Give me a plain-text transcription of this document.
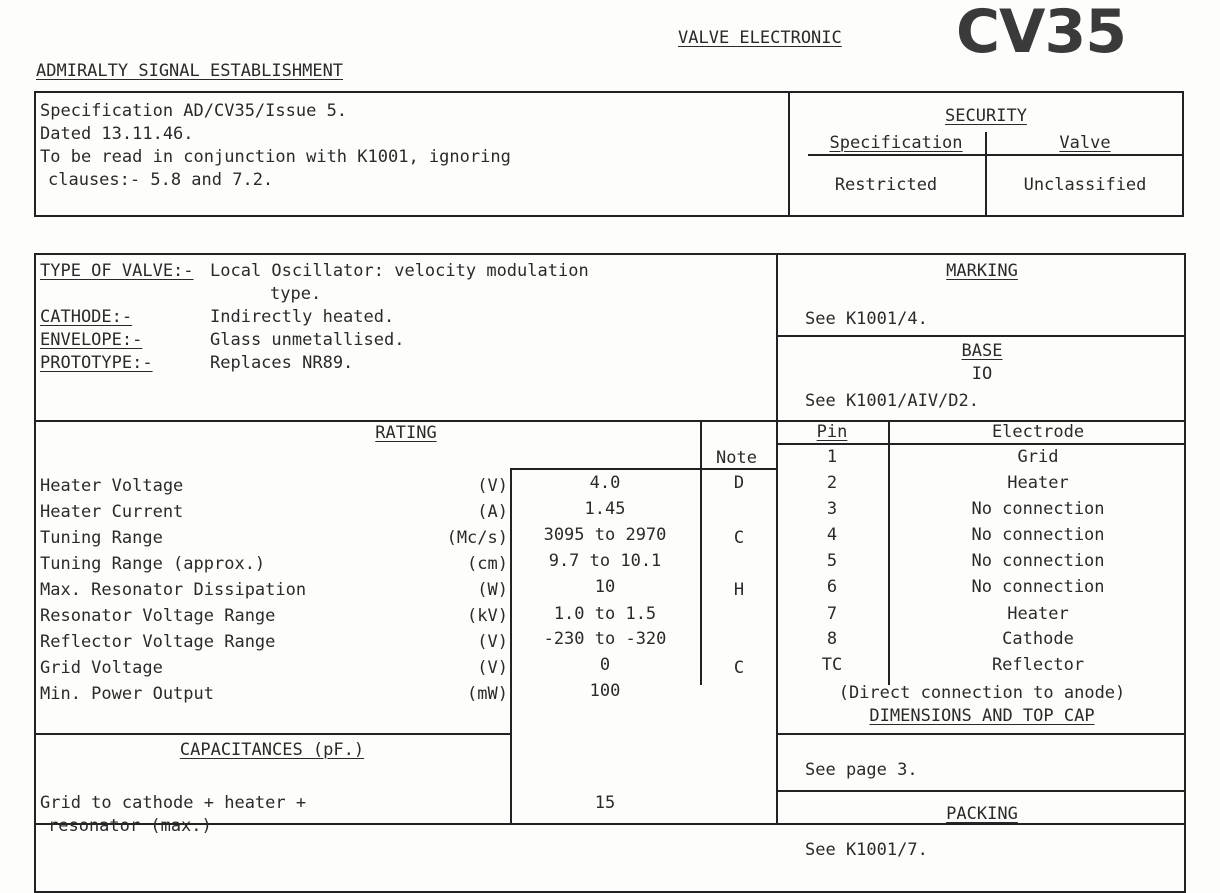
VALVE ELECTRONIC CV35
ADMIRALTY SIGNAL ESTABLISHMENT
Specification AD/CV35/Issue 5.
Dated 13.11.46.
To be read in conjunction with K1001, ignoring
clauses:- 5.8 and 7.2.
SECURITY
Specification	Valve
Restricted	Unclassified
TYPE OF VALVE:- Local Oscillator: velocity modulation
type.
CATHODE:-	Indirectly heated.
ENVELOPE:-	Glass unmetallised.
PROTOTYPE:-	Replaces NR89.
MARKING
See K1001/4.
BASE
IO
See K1001/AIV/D2.
RATING
Note
Heater Voltage	(V)	4.0	D
Heater Current	(A)	1.45
Tuning Range	(Mc/s)	3095 to 2970	C
Tuning Range (approx.)	(cm)	9.7 to 10.1
Max. Resonator Dissipation	(W)	10	H
Resonator Voltage Range	(kV)	1.0 to 1.5
Reflector Voltage Range	(V)	-230 to -320
Grid Voltage	(V)	0	C
Min. Power Output	(mW)	100
Pin	Electrode
1	Grid
2	Heater
3	No connection
4	No connection
5	No connection
6	No connection
7	Heater
8	Cathode
TC	Reflector
(Direct connection to anode)
CAPACITANCES (pF.)
Grid to cathode + heater +
resonator (max.)
15
DIMENSIONS AND TOP CAP
See page 3.
PACKING
See K1001/7.
